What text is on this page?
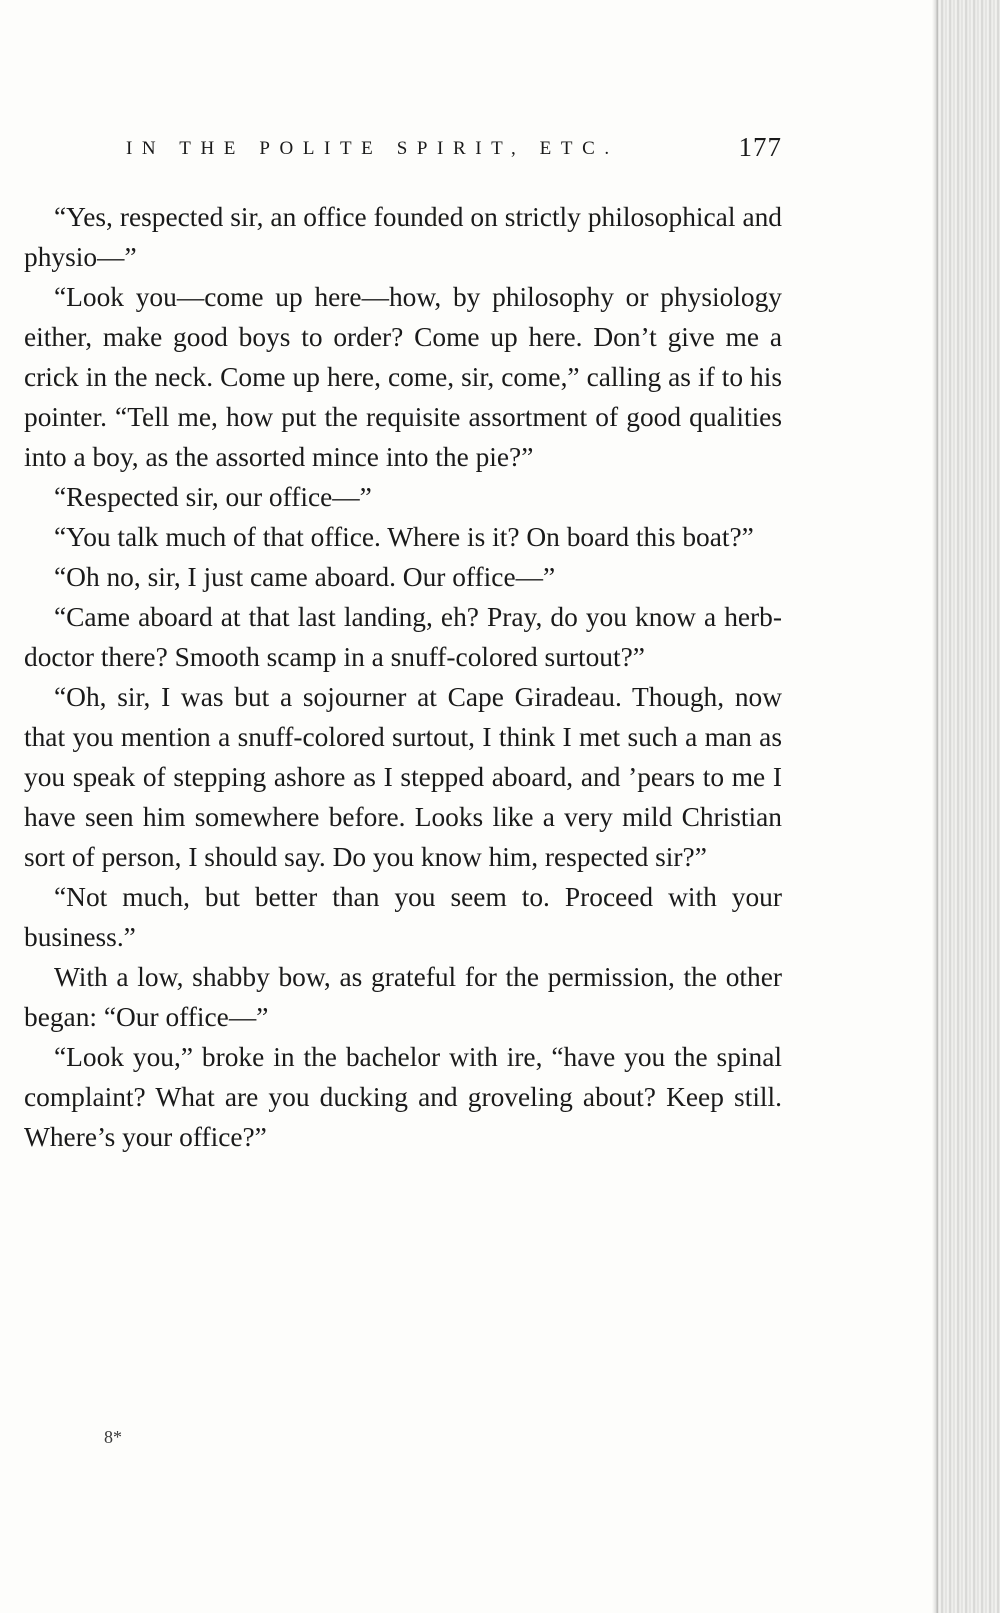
IN THE POLITE SPIRIT, ETC.	177

“Yes, respected sir, an office founded on strictly philosophical and physio—”

“Look you—come up here—how, by philosophy or physiology either, make good boys to order? Come up here. Don’t give me a crick in the neck. Come up here, come, sir, come,” calling as if to his pointer. “Tell me, how put the requisite assortment of good qualities into a boy, as the assorted mince into the pie?”

“Respected sir, our office—”

“You talk much of that office. Where is it? On board this boat?”

“Oh no, sir, I just came aboard. Our office—”

“Came aboard at that last landing, eh? Pray, do you know a herb-doctor there? Smooth scamp in a snuff-colored surtout?”

“Oh, sir, I was but a sojourner at Cape Giradeau. Though, now that you mention a snuff-colored surtout, I think I met such a man as you speak of stepping ashore as I stepped aboard, and ’pears to me I have seen him somewhere before. Looks like a very mild Christian sort of person, I should say. Do you know him, respected sir?”

“Not much, but better than you seem to. Proceed with your business.”

With a low, shabby bow, as grateful for the permission, the other began: “Our office—”

“Look you,” broke in the bachelor with ire, “have you the spinal complaint? What are you ducking and groveling about? Keep still. Where’s your office?”

8*
